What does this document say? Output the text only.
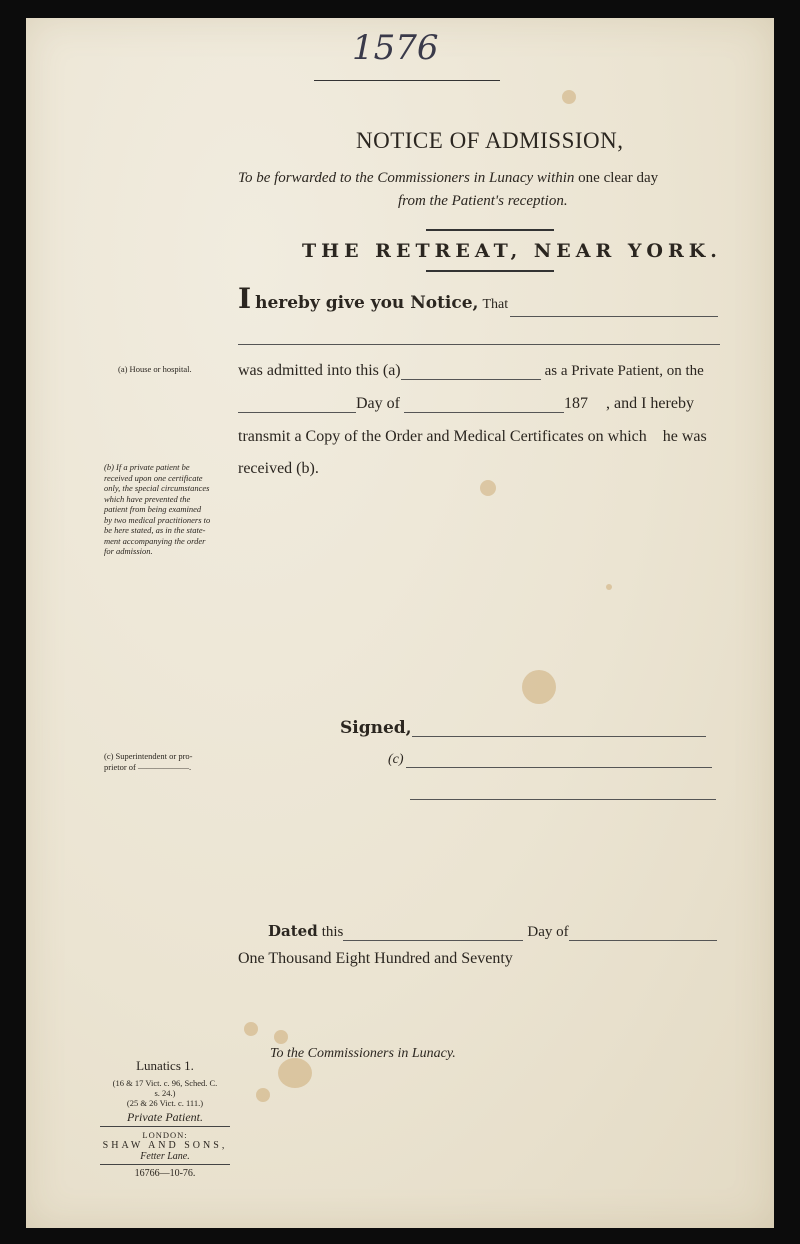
1576
NOTICE OF ADMISSION,
To be forwarded to the Commissioners in Lunacy within one clear day
from the Patient's reception.
THE RETREAT, NEAR YORK.
I hereby give you Notice, That
(a) House or hospital.	was admitted into this (a)	as a Private Patient, on the
Day of	187 , and I hereby
transmit a Copy of the Order and Medical Certificates on which he was
received (b).
(b) If a private patient be
received upon one certificate
only, the special circumstances
which have prevented the
patient from being examined
by two medical practitioners to
be here stated, as in the state-
ment accompanying the order
for admission.
Signed,
(c)
(c) Superintendent or pro-
prietor of ——————.
Dated this	Day of
One Thousand Eight Hundred and Seventy
To the Commissioners in Lunacy.
Lunatics 1.
(16 & 17 Vict. c. 96, Sched. C.
s. 24.)
(25 & 26 Vict. c. 111.)
Private Patient.
LONDON:
SHAW AND SONS,
Fetter Lane.
16766—10-76.
